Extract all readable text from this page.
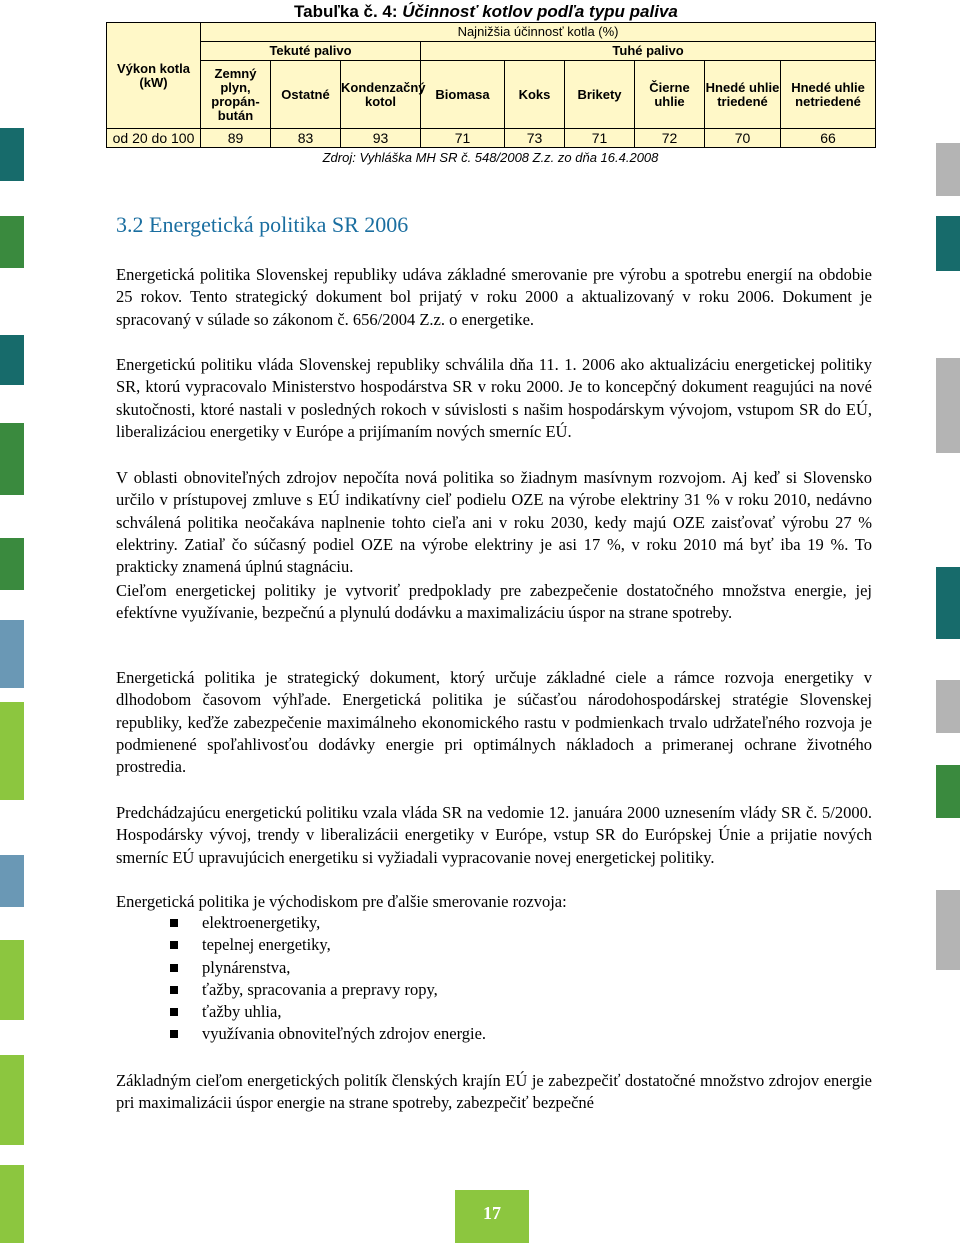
Tabuľka č. 4: Účinnosť kotlov podľa typu paliva
Výkon kotla (kW)	Najnižšia účinnosť kotla (%)								
	Tekuté palivo			Tuhé palivo					
	Zemný plyn, propán-bután	Ostatné	Kondenzačný kotol	Biomasa	Koks	Brikety	Čierne uhlie	Hnedé uhlie triedené	Hnedé uhlie netriedené

od 20 do 100	89	83	93	71	73	71	72	70	66
Zdroj: Vyhláška MH SR č. 548/2008 Z.z. zo dňa 16.4.2008
3.2 Energetická politika SR 2006

Energetická politika Slovenskej republiky udáva základné smerovanie pre výrobu a spotrebu energií na obdobie 25 rokov. Tento strategický dokument bol prijatý v roku 2000 a aktualizovaný v roku 2006. Dokument je spracovaný v súlade so zákonom č. 656/2004 Z.z. o energetike.

Energetickú politiku vláda Slovenskej republiky schválila dňa 11. 1. 2006 ako aktualizáciu energetickej politiky SR, ktorú vypracovalo Ministerstvo hospodárstva SR v roku 2000. Je to koncepčný dokument reagujúci na nové skutočnosti, ktoré nastali v posledných rokoch v súvislosti s našim hospodárskym vývojom, vstupom SR do EÚ, liberalizáciou energetiky v Európe a prijímaním nových smerníc EÚ.

V oblasti obnoviteľných zdrojov nepočíta nová politika so žiadnym masívnym rozvojom. Aj keď si Slovensko určilo v prístupovej zmluve s EÚ indikatívny cieľ podielu OZE na výrobe elektriny 31 % v roku 2010, nedávno schválená politika neočakáva naplnenie tohto cieľa ani v roku 2030, kedy majú OZE zaisťovať výrobu 27 % elektriny. Zatiaľ čo súčasný podiel OZE na výrobe elektriny je asi 17 %, v roku 2010 má byť iba 19 %. To prakticky znamená úplnú stagnáciu.

Cieľom energetickej politiky je vytvoriť predpoklady pre zabezpečenie dostatočného množstva energie, jej efektívne využívanie, bezpečnú a plynulú dodávku a maximalizáciu úspor na strane spotreby.

Energetická politika je strategický dokument, ktorý určuje základné ciele a rámce rozvoja energetiky v dlhodobom časovom výhľade. Energetická politika je súčasťou národohospodárskej stratégie Slovenskej republiky, keďže zabezpečenie maximálneho ekonomického rastu v podmienkach trvalo udržateľného rozvoja je podmienené spoľahlivosťou dodávky energie pri optimálnych nákladoch a primeranej ochrane životného prostredia.

Predchádzajúcu energetickú politiku vzala vláda SR na vedomie 12. januára 2000 uznesením vlády SR č. 5/2000. Hospodársky vývoj, trendy v liberalizácii energetiky v Európe, vstup SR do Európskej Únie a prijatie nových smerníc EÚ upravujúcich energetiku si vyžiadali vypracovanie novej energetickej politiky.

Energetická politika je východiskom pre ďalšie smerovanie rozvoja:

elektroenergetiky,
tepelnej energetiky,
plynárenstva,
ťažby, spracovania a prepravy ropy,
ťažby uhlia,
využívania obnoviteľných zdrojov energie.

Základným cieľom energetických politík členských krajín EÚ je zabezpečiť dostatočné množstvo zdrojov energie pri maximalizácii úspor energie na strane spotreby, zabezpečiť bezpečné

17
